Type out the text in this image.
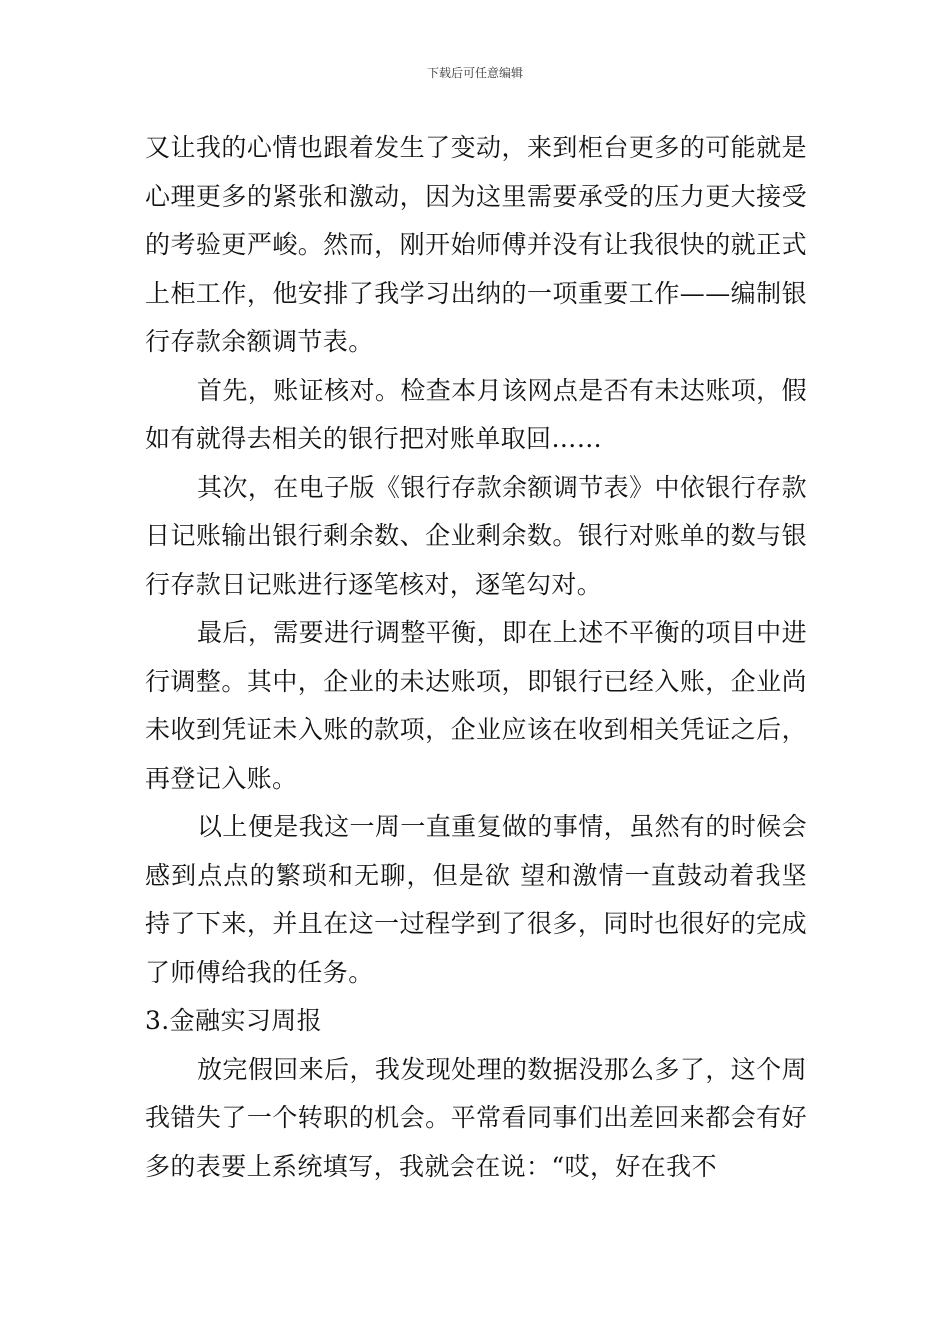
下载后可任意编辑

又让我的心情也跟着发生了变动，来到柜台更多的可能就是心理更多的紧张和激动，因为这里需要承受的压力更大接受的考验更严峻。然而，刚开始师傅并没有让我很快的就正式上柜工作，他安排了我学习出纳的一项重要工作——编制银行存款余额调节表。

首先，账证核对。检查本月该网点是否有未达账项，假如有就得去相关的银行把对账单取回……

其次，在电子版《银行存款余额调节表》中依银行存款日记账输出银行剩余数、企业剩余数。银行对账单的数与银行存款日记账进行逐笔核对，逐笔勾对。

最后，需要进行调整平衡，即在上述不平衡的项目中进行调整。其中，企业的未达账项，即银行已经入账，企业尚未收到凭证未入账的款项，企业应该在收到相关凭证之后，再登记入账。

以上便是我这一周一直重复做的事情，虽然有的时候会感到点点的繁琐和无聊，但是欲 望和激情一直鼓动着我坚持了下来，并且在这一过程学到了很多，同时也很好的完成了师傅给我的任务。

3.金融实习周报

放完假回来后，我发现处理的数据没那么多了，这个周我错失了一个转职的机会。平常看同事们出差回来都会有好多的表要上系统填写，我就会在说：“哎，好在我不
